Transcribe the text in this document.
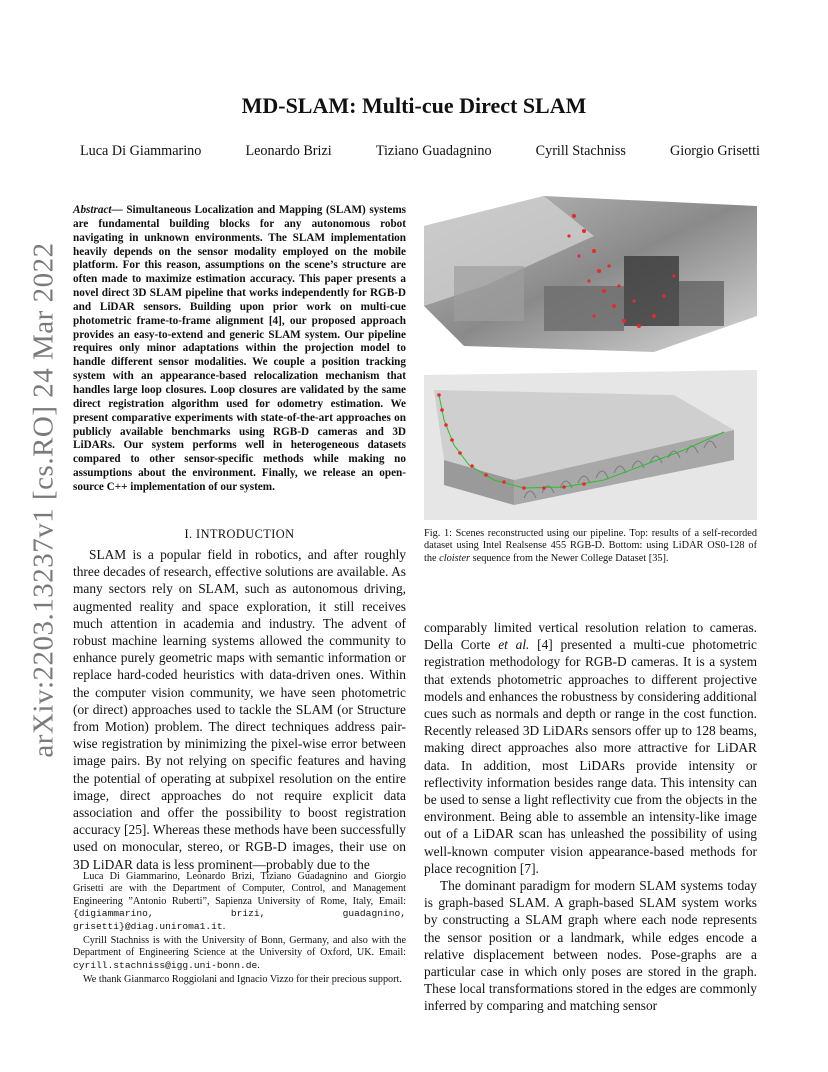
arXiv:2203.13237v1 [cs.RO] 24 Mar 2022
MD-SLAM: Multi-cue Direct SLAM
Luca Di Giammarino	Leonardo Brizi	Tiziano Guadagnino	Cyrill Stachniss	Giorgio Grisetti
Abstract— Simultaneous Localization and Mapping (SLAM) systems are fundamental building blocks for any autonomous robot navigating in unknown environments. The SLAM implementation heavily depends on the sensor modality employed on the mobile platform. For this reason, assumptions on the scene’s structure are often made to maximize estimation accuracy. This paper presents a novel direct 3D SLAM pipeline that works independently for RGB-D and LiDAR sensors. Building upon prior work on multi-cue photometric frame-to-frame alignment [4], our proposed approach provides an easy-to-extend and generic SLAM system. Our pipeline requires only minor adaptations within the projection model to handle different sensor modalities. We couple a position tracking system with an appearance-based relocalization mechanism that handles large loop closures. Loop closures are validated by the same direct registration algorithm used for odometry estimation. We present comparative experiments with state-of-the-art approaches on publicly available benchmarks using RGB-D cameras and 3D LiDARs. Our system performs well in heterogeneous datasets compared to other sensor-specific methods while making no assumptions about the environment. Finally, we release an open-source C++ implementation of our system.
I. INTRODUCTION

SLAM is a popular field in robotics, and after roughly three decades of research, effective solutions are available. As many sectors rely on SLAM, such as autonomous driving, augmented reality and space exploration, it still receives much attention in academia and industry. The advent of robust machine learning systems allowed the community to enhance purely geometric maps with semantic information or replace hard-coded heuristics with data-driven ones. Within the computer vision community, we have seen photometric (or direct) approaches used to tackle the SLAM (or Structure from Motion) problem. The direct techniques address pair-wise registration by minimizing the pixel-wise error between image pairs. By not relying on specific features and having the potential of operating at subpixel resolution on the entire image, direct approaches do not require explicit data association and offer the possibility to boost registration accuracy [25]. Whereas these methods have been successfully used on monocular, stereo, or RGB-D images, their use on 3D LiDAR data is less prominent—probably due to the

Luca Di Giammarino, Leonardo Brizi, Tiziano Guadagnino and Giorgio Grisetti are with the Department of Computer, Control, and Management Engineering ”Antonio Ruberti”, Sapienza University of Rome, Italy, Email: {digiammarino, brizi, guadagnino, grisetti}@diag.uniroma1.it.

Cyrill Stachniss is with the University of Bonn, Germany, and also with the Department of Engineering Science at the University of Oxford, UK. Email: cyrill.stachniss@igg.uni-bonn.de.

We thank Gianmarco Roggiolani and Ignacio Vizzo for their precious support.

Fig. 1: Scenes reconstructed using our pipeline. Top: results of a self-recorded dataset using Intel Realsense 455 RGB-D. Bottom: using LiDAR OS0-128 of the cloister sequence from the Newer College Dataset [35].

comparably limited vertical resolution relation to cameras. Della Corte et al. [4] presented a multi-cue photometric registration methodology for RGB-D cameras. It is a system that extends photometric approaches to different projective models and enhances the robustness by considering additional cues such as normals and depth or range in the cost function. Recently released 3D LiDARs sensors offer up to 128 beams, making direct approaches also more attractive for LiDAR data. In addition, most LiDARs provide intensity or reflectivity information besides range data. This intensity can be used to sense a light reflectivity cue from the objects in the environment. Being able to assemble an intensity-like image out of a LiDAR scan has unleashed the possibility of using well-known computer vision appearance-based methods for place recognition [7].

The dominant paradigm for modern SLAM systems today is graph-based SLAM. A graph-based SLAM system works by constructing a SLAM graph where each node represents the sensor position or a landmark, while edges encode a relative displacement between nodes. Pose-graphs are a particular case in which only poses are stored in the graph. These local transformations stored in the edges are commonly inferred by comparing and matching sensor
